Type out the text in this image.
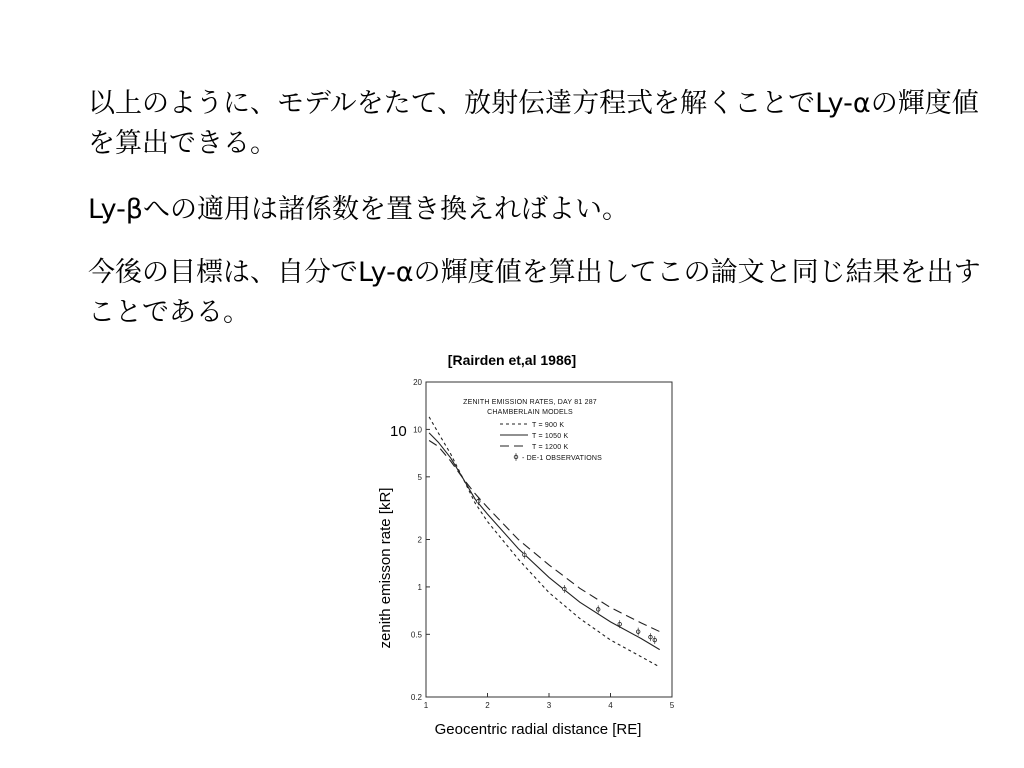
以上のように、モデルをたて、放射伝達方程式を解くことでLy-αの輝度値を算出できる。

Ly-βへの適用は諸係数を置き換えればよい。

今後の目標は、自分でLy-αの輝度値を算出してこの論文と同じ結果を出すことである。

[Rairden et,al 1986]
1	2	3	4	5
0.2
0.5
1
2
5
10
20
ZENITH EMISSION RATES, DAY 81 287
CHAMBERLAIN MODELS
T = 900 K
T = 1050 K
T = 1200 K
- DE-1 OBSERVATIONS
10
zenith emisson rate [kR]
Geocentric radial distance [RE]
